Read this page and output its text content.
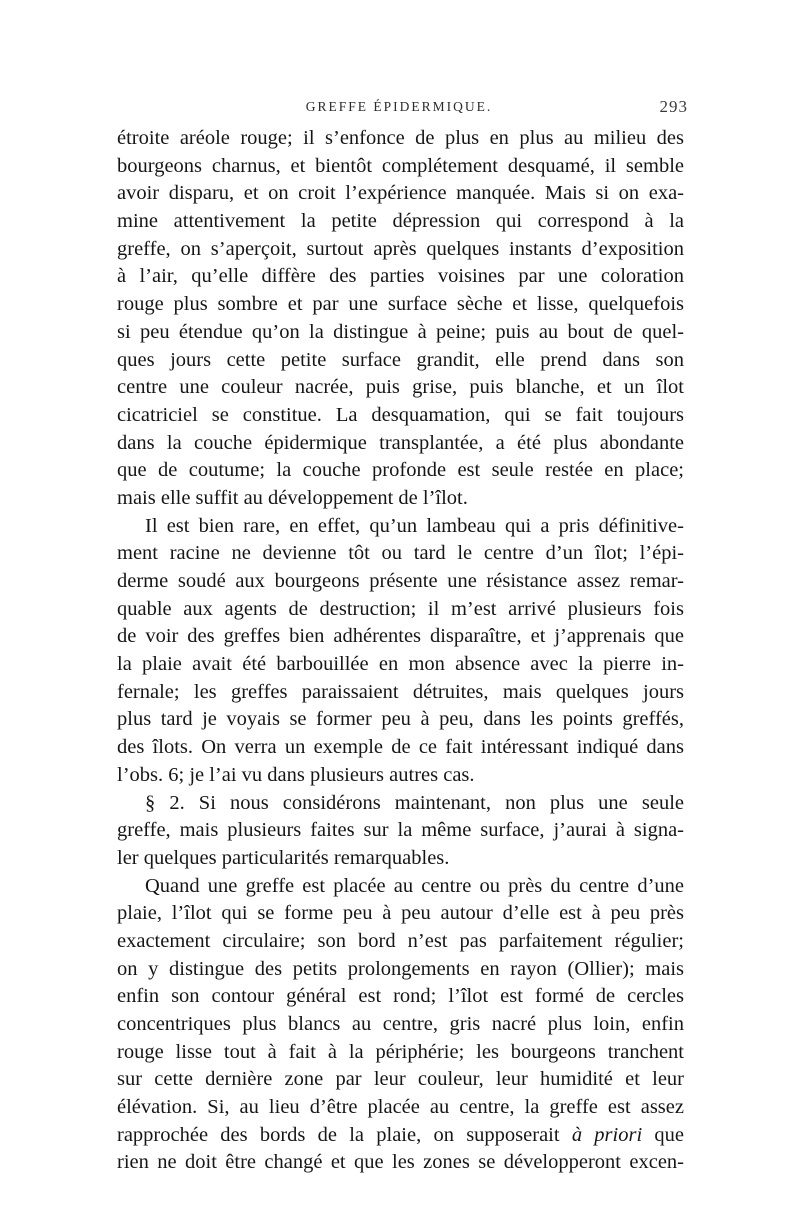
GREFFE ÉPIDERMIQUE.	293
étroite aréole rouge; il s’enfonce de plus en plus au milieu des
bourgeons charnus, et bientôt complétement desquamé, il semble
avoir disparu, et on croit l’expérience manquée. Mais si on exa-
mine attentivement la petite dépression qui correspond à la
greffe, on s’aperçoit, surtout après quelques instants d’exposition
à l’air, qu’elle diffère des parties voisines par une coloration
rouge plus sombre et par une surface sèche et lisse, quelquefois
si peu étendue qu’on la distingue à peine; puis au bout de quel-
ques jours cette petite surface grandit, elle prend dans son
centre une couleur nacrée, puis grise, puis blanche, et un îlot
cicatriciel se constitue. La desquamation, qui se fait toujours
dans la couche épidermique transplantée, a été plus abondante
que de coutume; la couche profonde est seule restée en place;
mais elle suffit au développement de l’îlot.
Il est bien rare, en effet, qu’un lambeau qui a pris définitive-
ment racine ne devienne tôt ou tard le centre d’un îlot; l’épi-
derme soudé aux bourgeons présente une résistance assez remar-
quable aux agents de destruction; il m’est arrivé plusieurs fois
de voir des greffes bien adhérentes disparaître, et j’apprenais que
la plaie avait été barbouillée en mon absence avec la pierre in-
fernale; les greffes paraissaient détruites, mais quelques jours
plus tard je voyais se former peu à peu, dans les points greffés,
des îlots. On verra un exemple de ce fait intéressant indiqué dans
l’obs. 6; je l’ai vu dans plusieurs autres cas.
§ 2. Si nous considérons maintenant, non plus une seule
greffe, mais plusieurs faites sur la même surface, j’aurai à signa-
ler quelques particularités remarquables.
Quand une greffe est placée au centre ou près du centre d’une
plaie, l’îlot qui se forme peu à peu autour d’elle est à peu près
exactement circulaire; son bord n’est pas parfaitement régulier;
on y distingue des petits prolongements en rayon (Ollier); mais
enfin son contour général est rond; l’îlot est formé de cercles
concentriques plus blancs au centre, gris nacré plus loin, enfin
rouge lisse tout à fait à la périphérie; les bourgeons tranchent
sur cette dernière zone par leur couleur, leur humidité et leur
élévation. Si, au lieu d’être placée au centre, la greffe est assez
rapprochée des bords de la plaie, on supposerait à priori que
rien ne doit être changé et que les zones se développeront excen-
